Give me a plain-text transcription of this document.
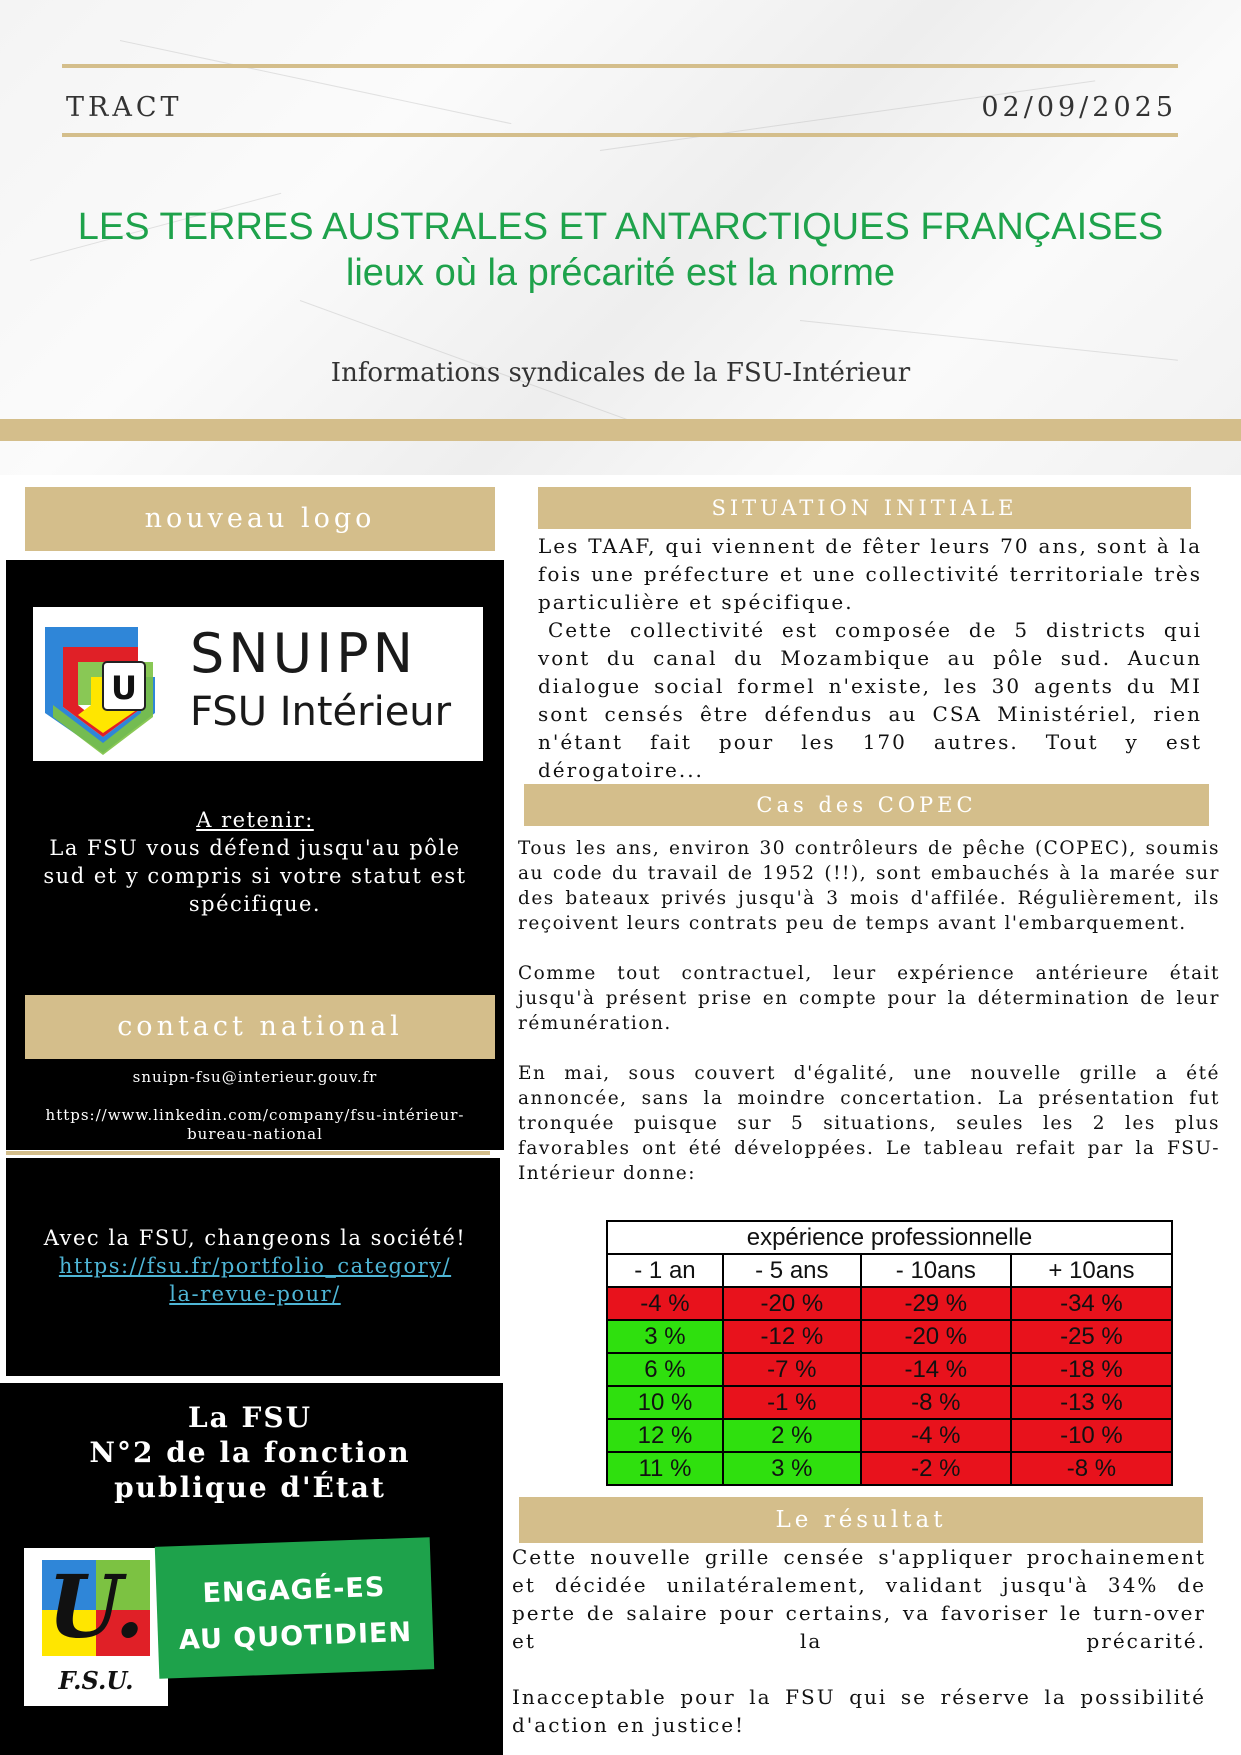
TRACT	02/09/2025
LES TERRES AUSTRALES ET ANTARCTIQUES FRANÇAISES
lieux où la précarité est la norme
Informations syndicales de la FSU-Intérieur
nouveau logo
U
SNUIPN
FSU Intérieur
A retenir:
La FSU vous défend jusqu'au pôle
sud et y compris si votre statut est
spécifique.
contact national
snuipn-fsu@interieur.gouv.fr
https://www.linkedin.com/company/fsu-intérieur-
bureau-national
Avec la FSU, changeons la société!
https://fsu.fr/portfolio_category/
la-revue-pour/
La FSU
N°2 de la fonction
publique d'État
U.
F.S.U.
ENGAGÉ-ES
AU QUOTIDIEN
SITUATION INITIALE

Les TAAF, qui viennent de fêter leurs 70 ans, sont à la fois une préfecture et une collectivité territoriale très particulière et spécifique.

Cette collectivité est composée de 5 districts qui vont du canal du Mozambique au pôle sud. Aucun dialogue social formel n'existe, les 30 agents du MI sont censés être défendus au CSA Ministériel, rien n'étant fait pour les 170 autres. Tout y est dérogatoire...

Cas des COPEC

Tous les ans, environ 30 contrôleurs de pêche (COPEC), soumis au code du travail de 1952 (!!), sont embauchés à la marée sur des bateaux privés jusqu'à 3 mois d'affilée. Régulièrement, ils reçoivent leurs contrats peu de temps avant l'embarquement.

Comme tout contractuel, leur expérience antérieure était jusqu'à présent prise en compte pour la détermination de leur rémunération.

En mai, sous couvert d'égalité, une nouvelle grille a été annoncée, sans la moindre concertation. La présentation fut tronquée puisque sur 5 situations, seules les 2 les plus favorables ont été développées. Le tableau refait par la FSU-Intérieur donne:

expérience professionnelle			
- 1 an	- 5 ans	- 10ans	+ 10ans
-4 %	-20 %	-29 %	-34 %
3 %	-12 %	-20 %	-25 %
6 %	-7 %	-14 %	-18 %
10 %	-1 %	-8 %	-13 %
12 %	2 %	-4 %	-10 %
11 %	3 %	-2 %	-8 %
Le résultat

Cette nouvelle grille censée s'appliquer prochainement et décidée unilatéralement, validant jusqu'à 34% de perte de salaire pour certains, va favoriser le turn-over et la précarité.

Inacceptable pour la FSU qui se réserve la possibilité d'action en justice!
